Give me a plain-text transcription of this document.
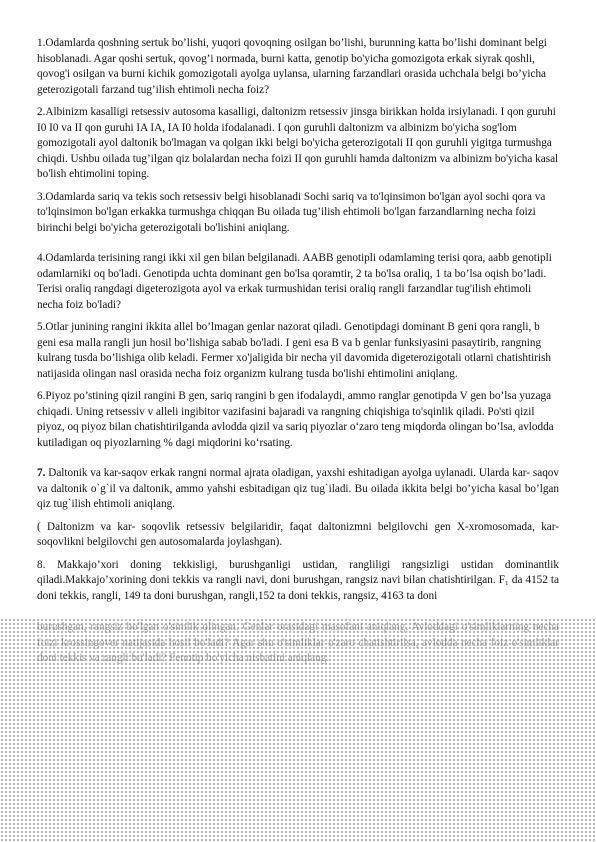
1.Odamlarda qoshning sertuk bo’lishi, yuqori qovoqning osilgan bo’lishi, burunning katta bo’lishi dominant belgi hisoblanadi. Agar qoshi sertuk, qovog’i normada, burni katta, genotip bo'yicha gomozigota erkak siyrak qoshli, qovog'i osilgan va burni kichik gomozigotali ayolga uylansa, ularning farzandlari orasida uchchala belgi bo’yicha geterozigotali farzand tug’ilish ehtimoli necha foiz?

2.Albinizm kasalligi retsessiv autosoma kasalligi, daltonizm retsessiv jinsga birikkan holda irsiylanadi. I qon guruhi I0 I0 va II qon guruhi IA IA, IA I0 holda ifodalanadi. I qon guruhli daltonizm va albinizm bo'yicha sog'lom gomozigotali ayol daltonik bo'lmagan va qolgan ikki belgi bo'yicha geterozigotali II qon guruhli yigitga turmushga chiqdi. Ushbu oilada tug’ilgan qiz bolalardan necha foizi II qon guruhli hamda daltonizm va albinizm bo'yicha kasal bo'lish ehtimolini toping.

3.Odamlarda sariq va tekis soch retsessiv belgi hisoblanadi Sochi sariq va to'lqinsimon bo'lgan ayol sochi qora va to'lqinsimon bo'lgan erkakka turmushga chiqqan Bu oilada tug’ilish ehtimoli bo'lgan farzandlarning necha foizi birinchi belgi bo'yicha geterozigotali bo'lishini aniqlang.

4.Odamlarda terisining rangi ikki xil gen bilan belgilanadi. AABB genotipli odamlaming terisi qora, aabb genotipli odamlarniki oq bo'ladi. Genotipda uchta dominant gen bo'lsa qoramtir, 2 ta bo'lsa oraliq, 1 ta bo’lsa oqish bo’ladi. Terisi oraliq rangdagi digeterozigota ayol va erkak turmushidan terisi oraliq rangli farzandlar tug'ilish ehtimoli necha foiz bo'ladi?

5.Otlar junining rangini ikkita allel bo’lmagan genlar nazorat qiladi. Genotipdagi dominant B geni qora rangli, b geni esa malla rangli jun hosil bo’lishiga sabab bo'ladi. I geni esa B va b genlar funksiyasini pasaytirib, rangning kulrang tusda bo’lishiga olib keladi. Fermer xo'jaligida bir necha yil davomida digeterozigotali otlarni chatishtirish natijasida olingan nasl orasida necha foiz organizm kulrang tusda bo'lishi ehtimolini aniqlang.

6.Piyoz po’stining qizil rangini B gen, sariq rangini b gen ifodalaydi, ammo ranglar genotipda V gen bo’lsa yuzaga chiqadi. Uning retsessiv v alleli ingibitor vazifasini bajaradi va rangning chiqishiga to'sqinlik qiladi. Po'sti qizil piyoz, oq piyoz bilan chatishtirilganda avlodda qizil va sariq piyozlar o‘zaro teng miqdorda olingan bo’lsa, avlodda kutiladigan oq piyozlarning % dagi miqdorini ko‘rsating.

7. Daltonik va kar-saqov erkak rangni normal ajrata oladigan, yaxshi eshitadigan ayolga uylanadi. Ularda kar- saqov va daltonik o`g`il va daltonik, ammo yahshi esbitadigan qiz tug`iladi. Bu oilada ikkita belgi bo’yicha kasal bo’lgan qiz tug`ilish ehtimoli aniqlang.

( Daltonizm va kar- soqovlik retsessiv belgilaridir, faqat daltonizmni belgilovchi gen X-xromosomada, kar- soqovlikni belgilovchi gen autosomalarda joylashgan).

8. Makkajo’xori doning tekkisligi, burushganligi ustidan, rangliligi rangsizligi ustidan dominantlik qiladi.Makkajo’xorining doni tekkis va rangli navi, doni burushgan, rangsiz navi bilan chatishtirilgan. F₁ da 4152 ta doni tekkis, rangli, 149 ta doni burushgan, rangli,152 ta doni tekkis, rangsiz, 4163 ta doni

burushgan, rangsiz bo'lgan o'simlik olingan. Genlar orasidagi masofani aniqlang. Avloddagi o'simliklarning necha foizi krossingover natijasida hosil bo'ladi? Agar shu o'simliklar o'zaro chatishtirilsa, avlodda necha foiz o'simliklar doni tekkis va rangli bo'ladi? Fenotip bo'yicha nisbatini aniqlang.
